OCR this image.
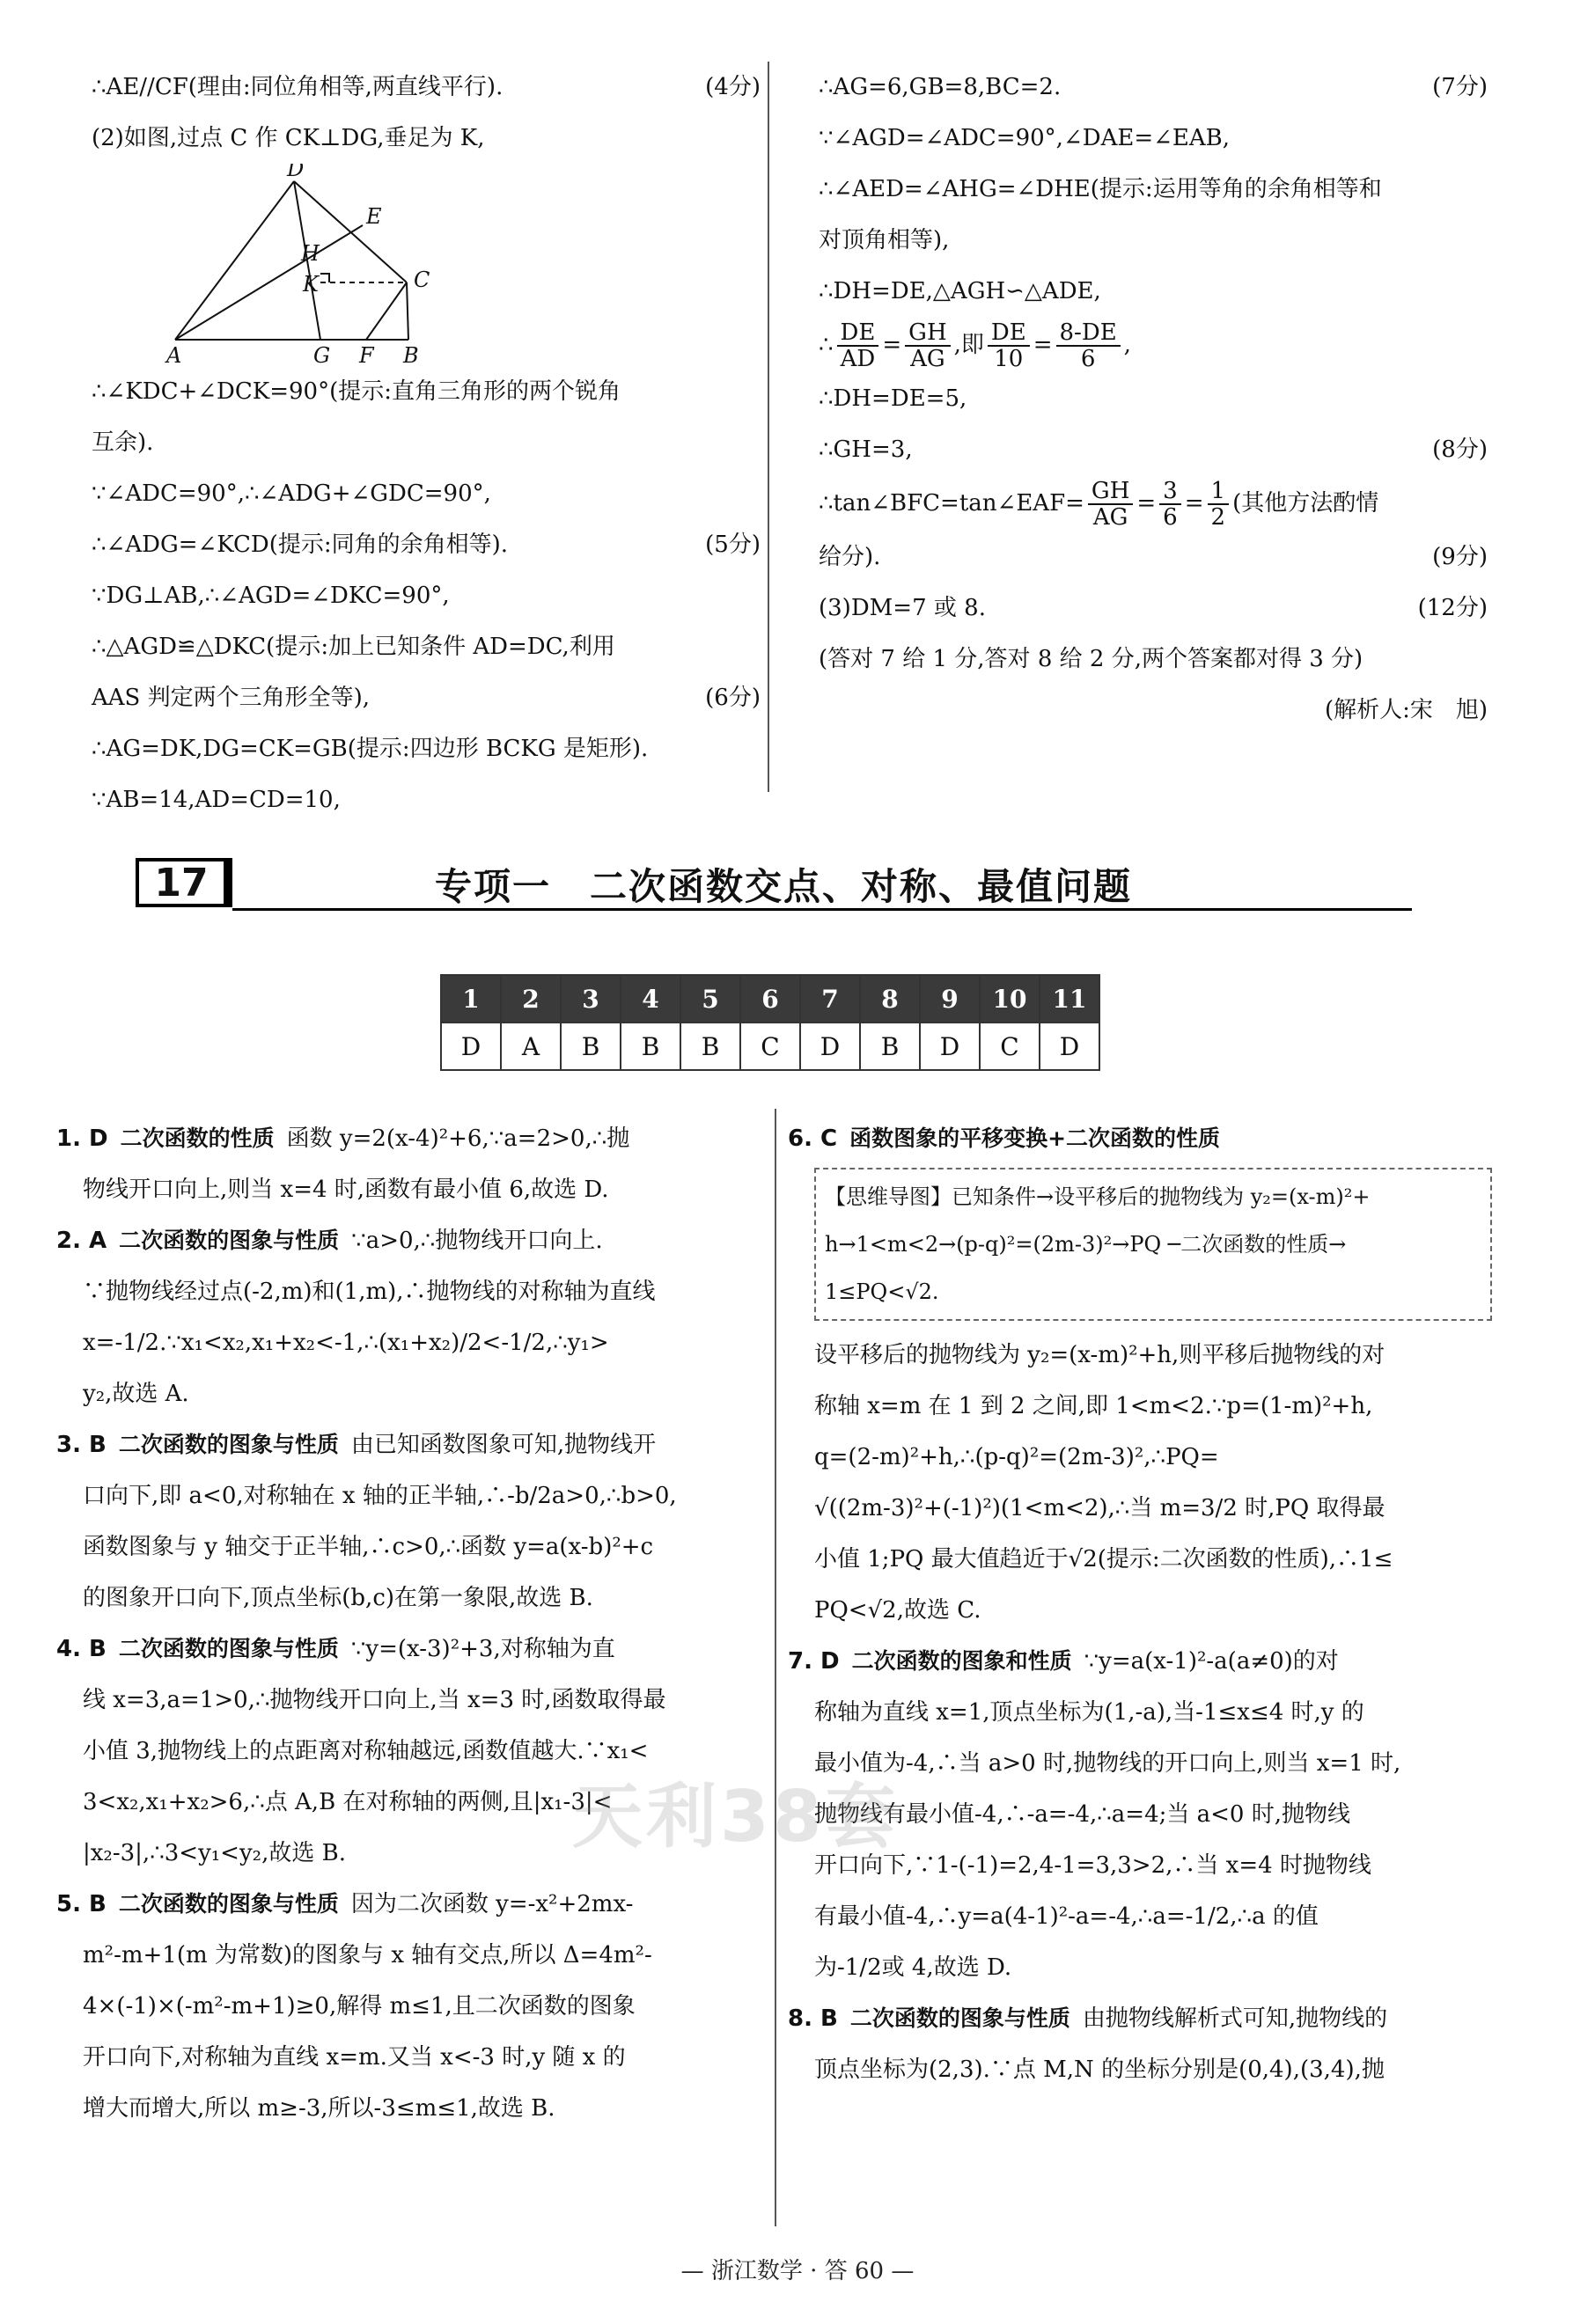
∴AE//CF(理由:同位角相等,两直线平行).	(4分)
(2)如图,过点 C 作 CK⊥DG,垂足为 K,
D
E
H
K	C
A	G F B
∴∠KDC+∠DCK=90°(提示:直角三角形的两个锐角
互余).
∵∠ADC=90°,∴∠ADG+∠GDC=90°,
∴∠ADG=∠KCD(提示:同角的余角相等).	(5分)
∵DG⊥AB,∴∠AGD=∠DKC=90°,
∴△AGD≌△DKC(提示:加上已知条件 AD=DC,利用
AAS 判定两个三角形全等),	(6分)
∴AG=DK,DG=CK=GB(提示:四边形 BCKG 是矩形).
∵AB=14,AD=CD=10,
∴AG=6,GB=8,BC=2.	(7分)
∵∠AGD=∠ADC=90°,∠DAE=∠EAB,
∴∠AED=∠AHG=∠DHE(提示:运用等角的余角相等和
对顶角相等),
∴DH=DE,△AGH∽△ADE,
∴ $\frac{DE}{AD} = \frac{GH}{AG}$ ,即 $\frac{DE}{10} = \frac{8-DE}{6}$ ,
∴DH=DE=5,
∴GH=3,	(8分)
∴tan∠BFC=tan∠EAF= $\frac{GH}{AG} = \frac{3}{6} = \frac{1}{2}$ (其他方法酌情
给分).	(9分)
(3)DM=7 或 8.	(12分)
(答对 7 给 1 分,答对 8 给 2 分,两个答案都对得 3 分)
(解析人:宋　旭)
17	专项一　二次函数交点、对称、最值问题
1	2	3	4	5	6	7	8	9	10	11
D	A	B	B	B	C	D	B	D	C	D
1. D 二次函数的性质 函数 y=2(x-4)²+6,∵a=2>0,∴抛
物线开口向上,则当 x=4 时,函数有最小值 6,故选 D.
2. A 二次函数的图象与性质 ∵a>0,∴抛物线开口向上.
∵抛物线经过点(-2,m)和(1,m),∴抛物线的对称轴为直线
x=-1/2.∵x₁<x₂,x₁+x₂<-1,∴(x₁+x₂)/2<-1/2,∴y₁>
y₂,故选 A.
3. B 二次函数的图象与性质 由已知函数图象可知,抛物线开
口向下,即 a<0,对称轴在 x 轴的正半轴,∴-b/2a>0,∴b>0,
函数图象与 y 轴交于正半轴,∴c>0,∴函数 y=a(x-b)²+c
的图象开口向下,顶点坐标(b,c)在第一象限,故选 B.
4. B 二次函数的图象与性质 ∵y=(x-3)²+3,对称轴为直
线 x=3,a=1>0,∴抛物线开口向上,当 x=3 时,函数取得最
小值 3,抛物线上的点距离对称轴越远,函数值越大.∵x₁<
3<x₂,x₁+x₂>6,∴点 A,B 在对称轴的两侧,且|x₁-3|<
|x₂-3|,∴3<y₁<y₂,故选 B.
5. B 二次函数的图象与性质 因为二次函数 y=-x²+2mx-
m²-m+1(m 为常数)的图象与 x 轴有交点,所以 Δ=4m²-
4×(-1)×(-m²-m+1)≥0,解得 m≤1,且二次函数的图象
开口向下,对称轴为直线 x=m.又当 x<-3 时,y 随 x 的
增大而增大,所以 m≥-3,所以-3≤m≤1,故选 B.
6. C 函数图象的平移变换+二次函数的性质
【思维导图】已知条件→设平移后的抛物线为 y₂=(x-m)²+
h→1<m<2→(p-q)²=(2m-3)²→PQ ─二次函数的性质→
1≤PQ<√2.
设平移后的抛物线为 y₂=(x-m)²+h,则平移后抛物线的对
称轴 x=m 在 1 到 2 之间,即 1<m<2.∵p=(1-m)²+h,
q=(2-m)²+h,∴(p-q)²=(2m-3)²,∴PQ=
√((2m-3)²+(-1)²)(1<m<2),∴当 m=3/2 时,PQ 取得最
小值 1;PQ 最大值趋近于√2(提示:二次函数的性质),∴1≤
PQ<√2,故选 C.
7. D 二次函数的图象和性质 ∵y=a(x-1)²-a(a≠0)的对
称轴为直线 x=1,顶点坐标为(1,-a),当-1≤x≤4 时,y 的
最小值为-4,∴当 a>0 时,抛物线的开口向上,则当 x=1 时,
抛物线有最小值-4,∴-a=-4,∴a=4;当 a<0 时,抛物线
开口向下,∵1-(-1)=2,4-1=3,3>2,∴当 x=4 时抛物线
有最小值-4,∴y=a(4-1)²-a=-4,∴a=-1/2,∴a 的值
为-1/2或 4,故选 D.
8. B 二次函数的图象与性质 由抛物线解析式可知,抛物线的
顶点坐标为(2,3).∵点 M,N 的坐标分别是(0,4),(3,4),抛
天利38套
— 浙江数学 · 答 60 —
